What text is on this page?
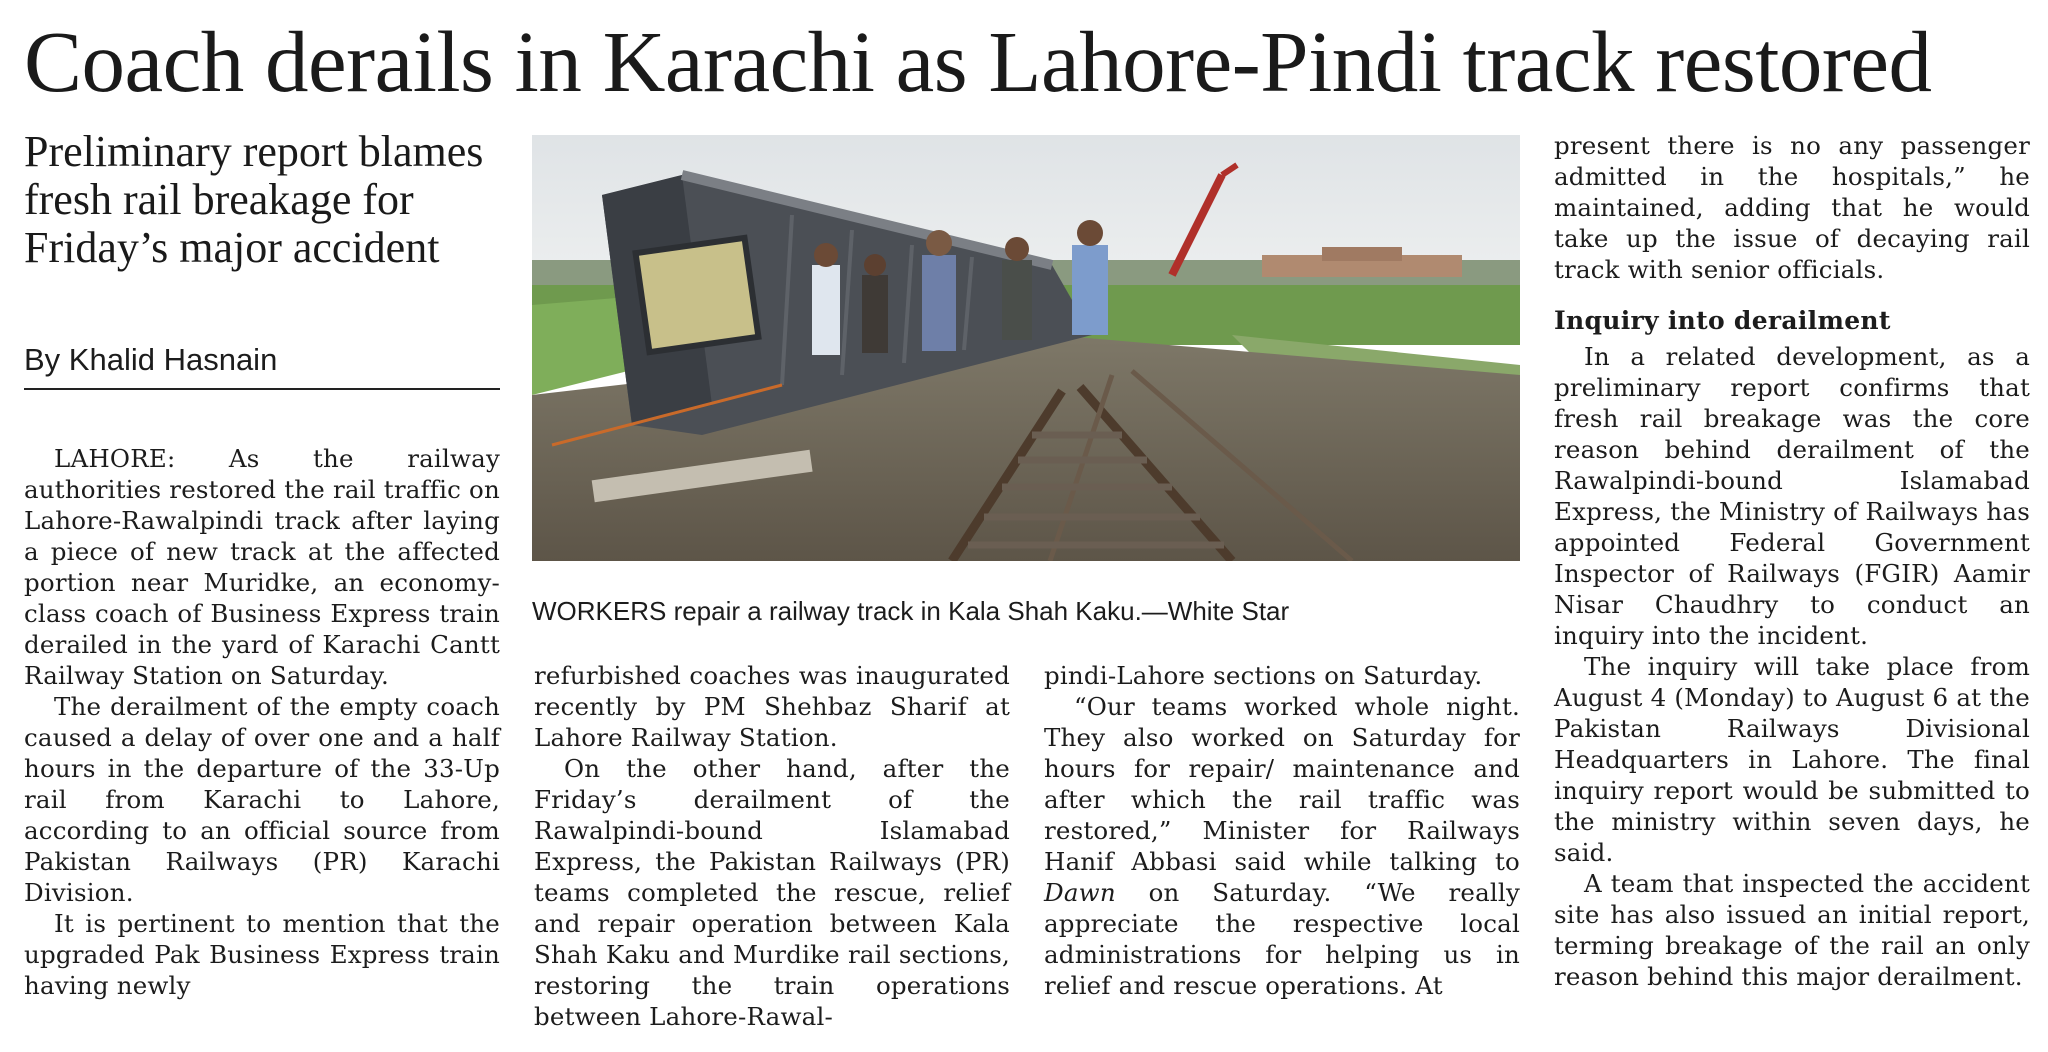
Coach derails in Karachi as Lahore-Pindi track restored
Preliminary report blames fresh rail breakage for Friday’s major accident
By Khalid Hasnain
WORKERS repair a railway track in Kala Shah Kaku.—White Star

LAHORE: As the railway authorities restored the rail traffic on Lahore-Rawalpindi track after laying a piece of new track at the affected portion near Muridke, an economy-class coach of Business Express train derailed in the yard of Karachi Cantt Railway Station on Saturday.

The derailment of the empty coach caused a delay of over one and a half hours in the departure of the 33-Up rail from Karachi to Lahore, according to an official source from Pakistan Railways (PR) Karachi Division.

It is pertinent to mention that the upgraded Pak Business Express train having newly

refurbished coaches was inaugurated recently by PM Shehbaz Sharif at Lahore Railway Station.

On the other hand, after the Friday’s derailment of the Rawalpindi-bound Islamabad Express, the Pakistan Railways (PR) teams completed the rescue, relief and repair operation between Kala Shah Kaku and Murdike rail sections, restoring the train operations between Lahore-Rawal-

pindi-Lahore sections on Saturday.

“Our teams worked whole night. They also worked on Saturday for hours for repair/ maintenance and after which the rail traffic was restored,” Minister for Railways Hanif Abbasi said while talking to Dawn on Saturday. “We really appreciate the respective local administrations for helping us in relief and rescue operations. At

present there is no any passenger admitted in the hospitals,” he maintained, adding that he would take up the issue of decaying rail track with senior officials.

Inquiry into derailment

In a related development, as a preliminary report confirms that fresh rail breakage was the core reason behind derailment of the Rawalpindi-bound Islamabad Express, the Ministry of Railways has appointed Federal Government Inspector of Railways (FGIR) Aamir Nisar Chaudhry to conduct an inquiry into the incident.

The inquiry will take place from August 4 (Monday) to August 6 at the Pakistan Railways Divisional Headquarters in Lahore. The final inquiry report would be submitted to the ministry within seven days, he said.

A team that inspected the accident site has also issued an initial report, terming breakage of the rail an only reason behind this major derailment.
